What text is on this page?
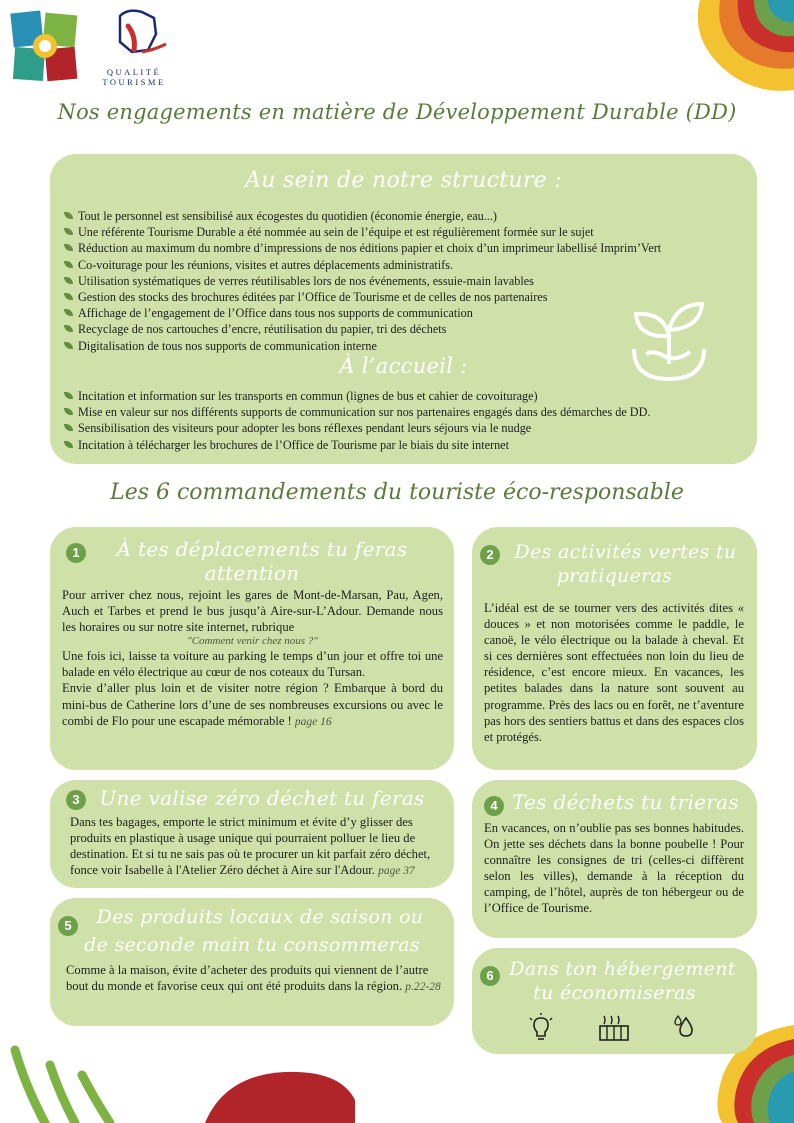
QUALITÉ TOURISME
Nos engagements en matière de Développement Durable (DD)
Au sein de notre structure :
Tout le personnel est sensibilisé aux écogestes du quotidien (économie énergie, eau...)
Une référente Tourisme Durable a été nommée au sein de l’équipe et est régulièrement formée sur le sujet
Réduction au maximum du nombre d’impressions de nos éditions papier et choix d’un imprimeur labellisé Imprim’Vert
Co-voiturage pour les réunions, visites et autres déplacements administratifs.
Utilisation systématiques de verres réutilisables lors de nos événements, essuie-main lavables
Gestion des stocks des brochures éditées par l’Office de Tourisme et de celles de nos partenaires
Affichage de l’engagement de l’Office dans tous nos supports de communication
Recyclage de nos cartouches d’encre, réutilisation du papier, tri des déchets
Digitalisation de tous nos supports de communication interne
À l’accueil :
Incitation et information sur les transports en commun (lignes de bus et cahier de covoiturage)
Mise en valeur sur nos différents supports de communication sur nos partenaires engagés dans des démarches de DD.
Sensibilisation des visiteurs pour adopter les bons réflexes pendant leurs séjours via le nudge
Incitation à télécharger les brochures de l’Office de Tourisme par le biais du site internet
Les 6 commandements du touriste éco-responsable
1	À tes déplacements tu feras
attention
Pour arriver chez nous, rejoint les gares de Mont-de-Marsan, Pau, Agen, Auch et Tarbes et prend le bus jusqu’à Aire-sur-L’Adour. Demande nous les horaires ou sur notre site internet, rubrique
"Comment venir chez nous ?"
Une fois ici, laisse ta voiture au parking le temps d’un jour et offre toi une balade en vélo électrique au cœur de nos coteaux du Tursan.
Envie d’aller plus loin et de visiter notre région ? Embarque à bord du mini-bus de Catherine lors d’une de ses nombreuses excursions ou avec le combi de Flo pour une escapade mémorable ! page 16
2	Des activités vertes tu
pratiqueras
L’idéal est de se tourner vers des activités dites « douces » et non motorisées comme le paddle, le canoë, le vélo électrique ou la balade à cheval. Et si ces dernières sont effectuées non loin du lieu de résidence, c’est encore mieux. En vacances, les petites balades dans la nature sont souvent au programme. Près des lacs ou en forêt, ne t’aventure pas hors des sentiers battus et dans des espaces clos et protégés.
3 Une valise zéro déchet tu feras
Dans tes bagages, emporte le strict minimum et évite d’y glisser des produits en plastique à usage unique qui pourraient polluer le lieu de destination. Et si tu ne sais pas où te procurer un kit parfait zéro déchet, fonce voir Isabelle à l'Atelier Zéro déchet à Aire sur l'Adour. page 37
4 Tes déchets tu trieras
En vacances, on n’oublie pas ses bonnes habitudes. On jette ses déchets dans la bonne poubelle ! Pour connaître les consignes de tri (celles-ci diffèrent selon les villes), demande à la réception du camping, de l’hôtel, auprès de ton hébergeur ou de l’Office de Tourisme.
5	Des produits locaux de saison ou
de seconde main tu consommeras
Comme à la maison, évite d’acheter des produits qui viennent de l’autre bout du monde et favorise ceux qui ont été produits dans la région. p.22-28
6 Dans ton hébergement
tu économiseras
